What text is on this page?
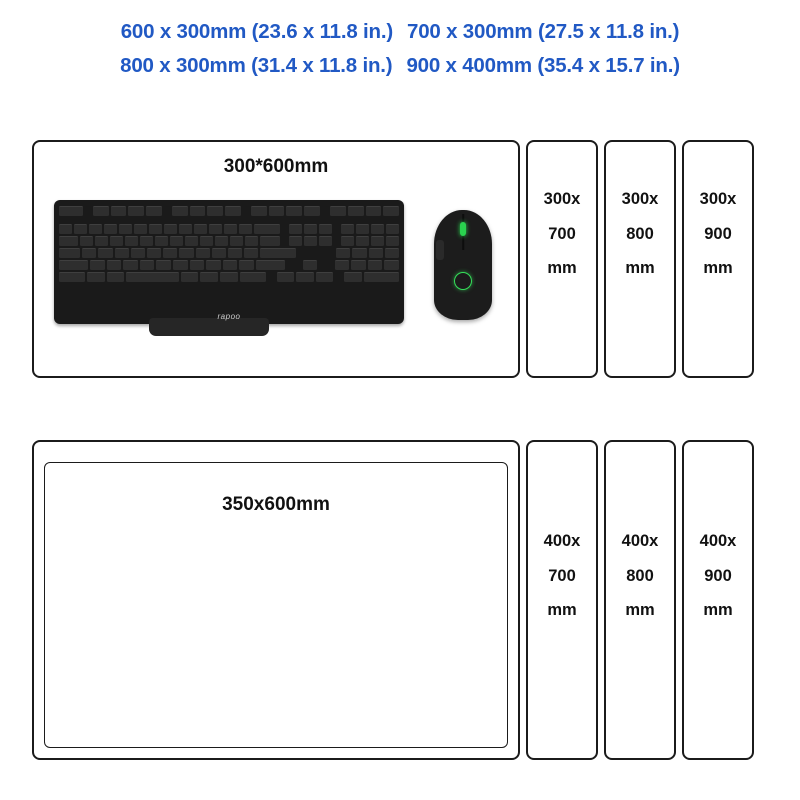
600 x 300mm (23.6 x 11.8 in.) 700 x 300mm (27.5 x 11.8 in.)
800 x 300mm (31.4 x 11.8 in.) 900 x 400mm (35.4 x 15.7 in.)
300*600mm
rapoo
300x
700
mm
300x
800
mm
300x
900
mm
350x600mm
400x
700
mm
400x
800
mm
400x
900
mm
